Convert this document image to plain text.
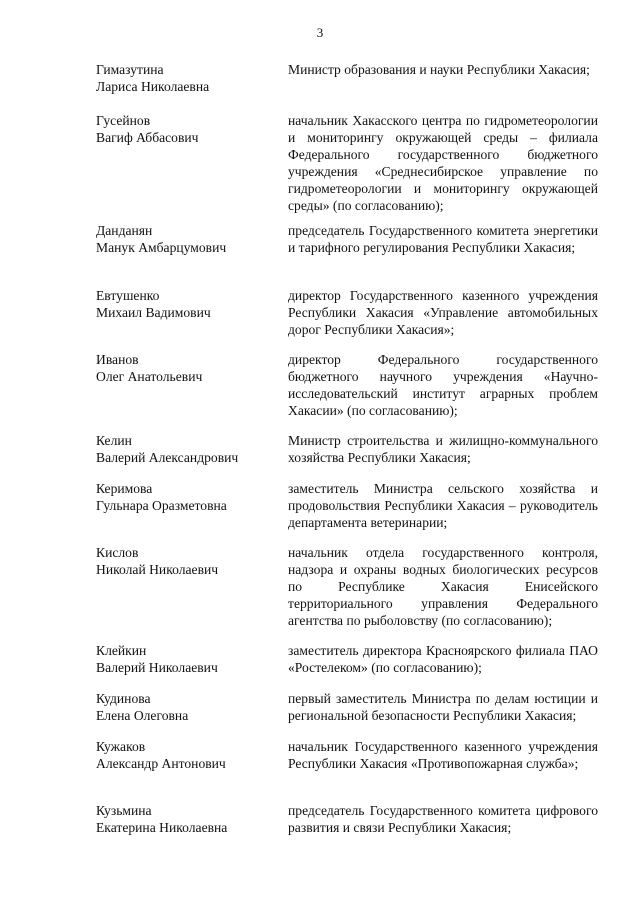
3
Гимазутина
Лариса Николаевна
Министр образования и науки Республики Хакасия;
Гусейнов
Вагиф Аббасович
начальник Хакасского центра по гидрометеорологии и мониторингу окружающей среды – филиала Федерального государственного бюджетного учреждения «Среднесибирское управление по гидрометеорологии и мониторингу окружающей среды» (по согласованию);
Данданян
Манук Амбарцумович
председатель Государственного комитета энергетики и тарифного регулирования Республики Хакасия;
Евтушенко
Михаил Вадимович
директор Государственного казенного учреждения Республики Хакасия «Управление автомобильных дорог Республики Хакасия»;
Иванов
Олег Анатольевич
директор Федерального государственного бюджетного научного учреждения «Научно-исследовательский институт аграрных проблем Хакасии» (по согласованию);
Келин
Валерий Александрович
Министр строительства и жилищно-коммунального хозяйства Республики Хакасия;
Керимова
Гульнара Оразметовна
заместитель Министра сельского хозяйства и продовольствия Республики Хакасия – руководитель департамента ветеринарии;
Кислов
Николай Николаевич
начальник отдела государственного контроля, надзора и охраны водных биологических ресурсов по Республике Хакасия Енисейского территориального управления Федерального агентства по рыболовству (по согласованию);
Клейкин
Валерий Николаевич
заместитель директора Красноярского филиала ПАО «Ростелеком» (по согласованию);
Кудинова
Елена Олеговна
первый заместитель Министра по делам юстиции и региональной безопасности Республики Хакасия;
Кужаков
Александр Антонович
начальник Государственного казенного учреждения Республики Хакасия «Противопожарная служба»;
Кузьмина
Екатерина Николаевна
председатель Государственного комитета цифрового развития и связи Республики Хакасия;
